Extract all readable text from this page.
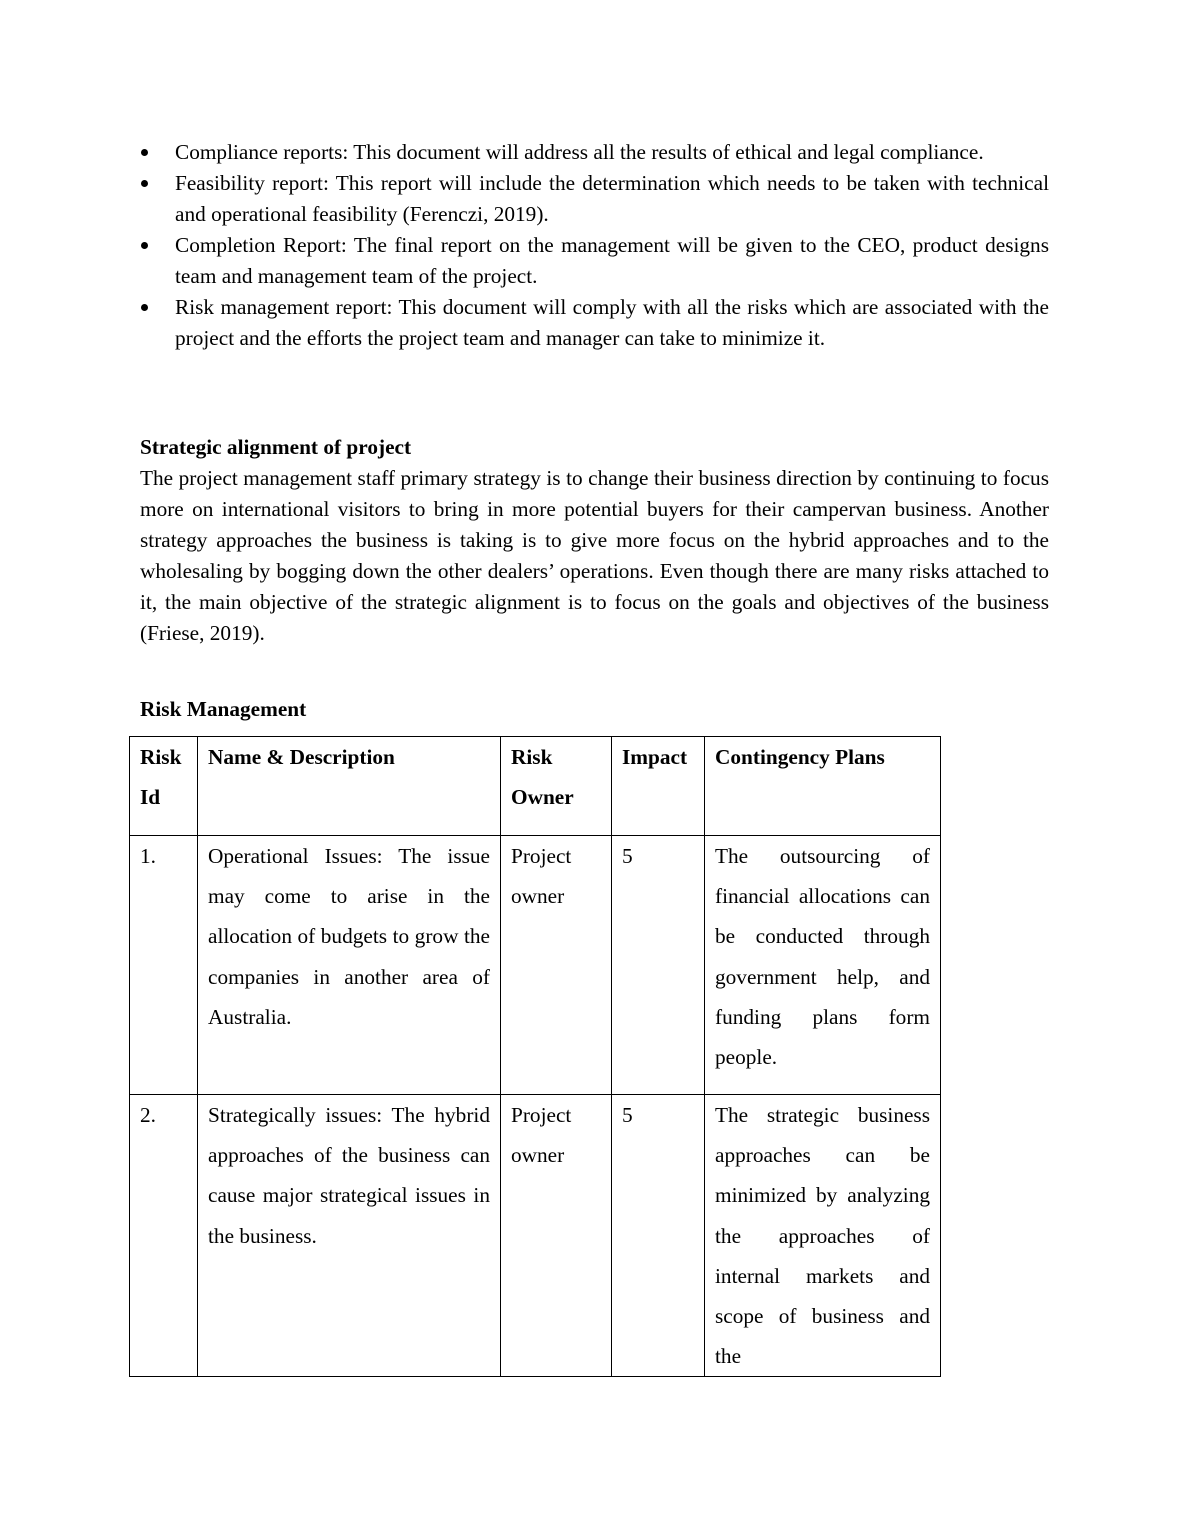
Compliance reports: This document will address all the results of ethical and legal compliance.
Feasibility report: This report will include the determination which needs to be taken with technical and operational feasibility (Ferenczi, 2019).
Completion Report: The final report on the management will be given to the CEO, product designs team and management team of the project.
Risk management report: This document will comply with all the risks which are associated with the project and the efforts the project team and manager can take to minimize it.
Strategic alignment of project

The project management staff primary strategy is to change their business direction by continuing to focus more on international visitors to bring in more potential buyers for their campervan business. Another strategy approaches the business is taking is to give more focus on the hybrid approaches and to the wholesaling by bogging down the other dealers’ operations. Even though there are many risks attached to it, the main objective of the strategic alignment is to focus on the goals and objectives of the business (Friese, 2019).

Risk Management
Risk Id	Name & Description	Risk Owner	Impact	Contingency Plans
1.	Operational Issues: The issue may come to arise in the allocation of budgets to grow the companies in another area of Australia.	Project owner	5	The outsourcing of financial allocations can be conducted through government help, and funding plans form people.
2.	Strategically issues: The hybrid approaches of the business can cause major strategical issues in the business.	Project owner	5	The strategic business approaches can be minimized by analyzing the approaches of internal markets and scope of business and the
